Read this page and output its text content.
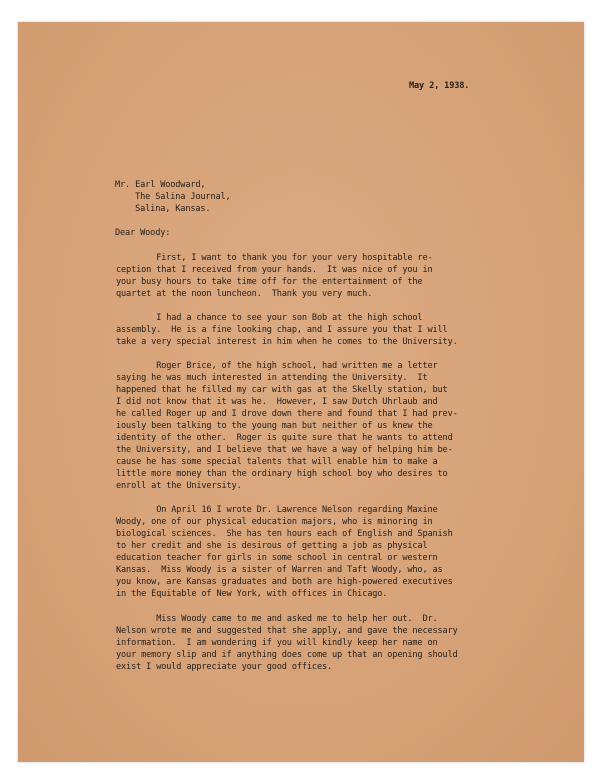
May 2, 1938.
Mr. Earl Woodward,
The Salina Journal,
Salina, Kansas.
Dear Woody:
First, I want to thank you for your very hospitable re-
ception that I received from your hands.  It was nice of you in
your busy hours to take time off for the entertainment of the
quartet at the noon luncheon.  Thank you very much.
I had a chance to see your son Bob at the high school
assembly.  He is a fine looking chap, and I assure you that I will
take a very special interest in him when he comes to the University.
Roger Brice, of the high school, had written me a letter
saying he was much interested in attending the University.  It
happened that he filled my car with gas at the Skelly station, but
I did not know that it was he.  However, I saw Dutch Uhrlaub and
he called Roger up and I drove down there and found that I had prev-
iously been talking to the young man but neither of us knew the
identity of the other.  Roger is quite sure that he wants to attend
the University, and I believe that we have a way of helping him be-
cause he has some special talents that will enable him to make a
little more money than the ordinary high school boy who desires to
enroll at the University.
On April 16 I wrote Dr. Lawrence Nelson regarding Maxine
Woody, one of our physical education majors, who is minoring in
biological sciences.  She has ten hours each of English and Spanish
to her credit and she is desirous of getting a job as physical
education teacher for girls in some school in central or western
Kansas.  Miss Woody is a sister of Warren and Taft Woody, who, as
you know, are Kansas graduates and both are high-powered executives
in the Equitable of New York, with offices in Chicago.
Miss Woody came to me and asked me to help her out.  Dr.
Nelson wrote me and suggested that she apply, and gave the necessary
information.  I am wondering if you will kindly keep her name on
your memory slip and if anything does come up that an opening should
exist I would appreciate your good offices.
